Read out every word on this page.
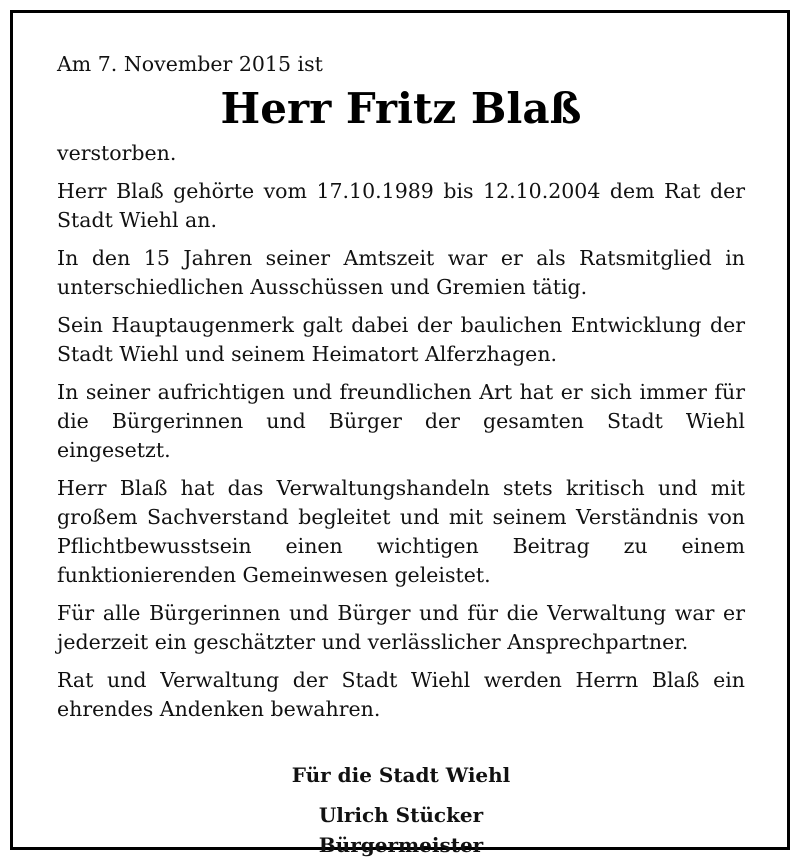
Am 7. November 2015 ist

Herr Fritz Blaß

verstorben.

Herr Blaß gehörte vom 17.10.1989 bis 12.10.2004 dem Rat der Stadt Wiehl an.

In den 15 Jahren seiner Amtszeit war er als Ratsmitglied in unterschiedlichen Ausschüssen und Gremien tätig.

Sein Hauptaugenmerk galt dabei der baulichen Entwicklung der Stadt Wiehl und seinem Heimatort Alferzhagen.

In seiner aufrichtigen und freundlichen Art hat er sich immer für die Bürgerinnen und Bürger der gesamten Stadt Wiehl eingesetzt.

Herr Blaß hat das Verwaltungshandeln stets kritisch und mit großem Sachverstand begleitet und mit seinem Verständnis von Pflichtbewusstsein einen wichtigen Beitrag zu einem funktionierenden Gemeinwesen geleistet.

Für alle Bürgerinnen und Bürger und für die Verwaltung war er jederzeit ein geschätzter und verlässlicher Ansprechpartner.

Rat und Verwaltung der Stadt Wiehl werden Herrn Blaß ein ehrendes Andenken bewahren.

Für die Stadt Wiehl
Ulrich Stücker
Bürgermeister
